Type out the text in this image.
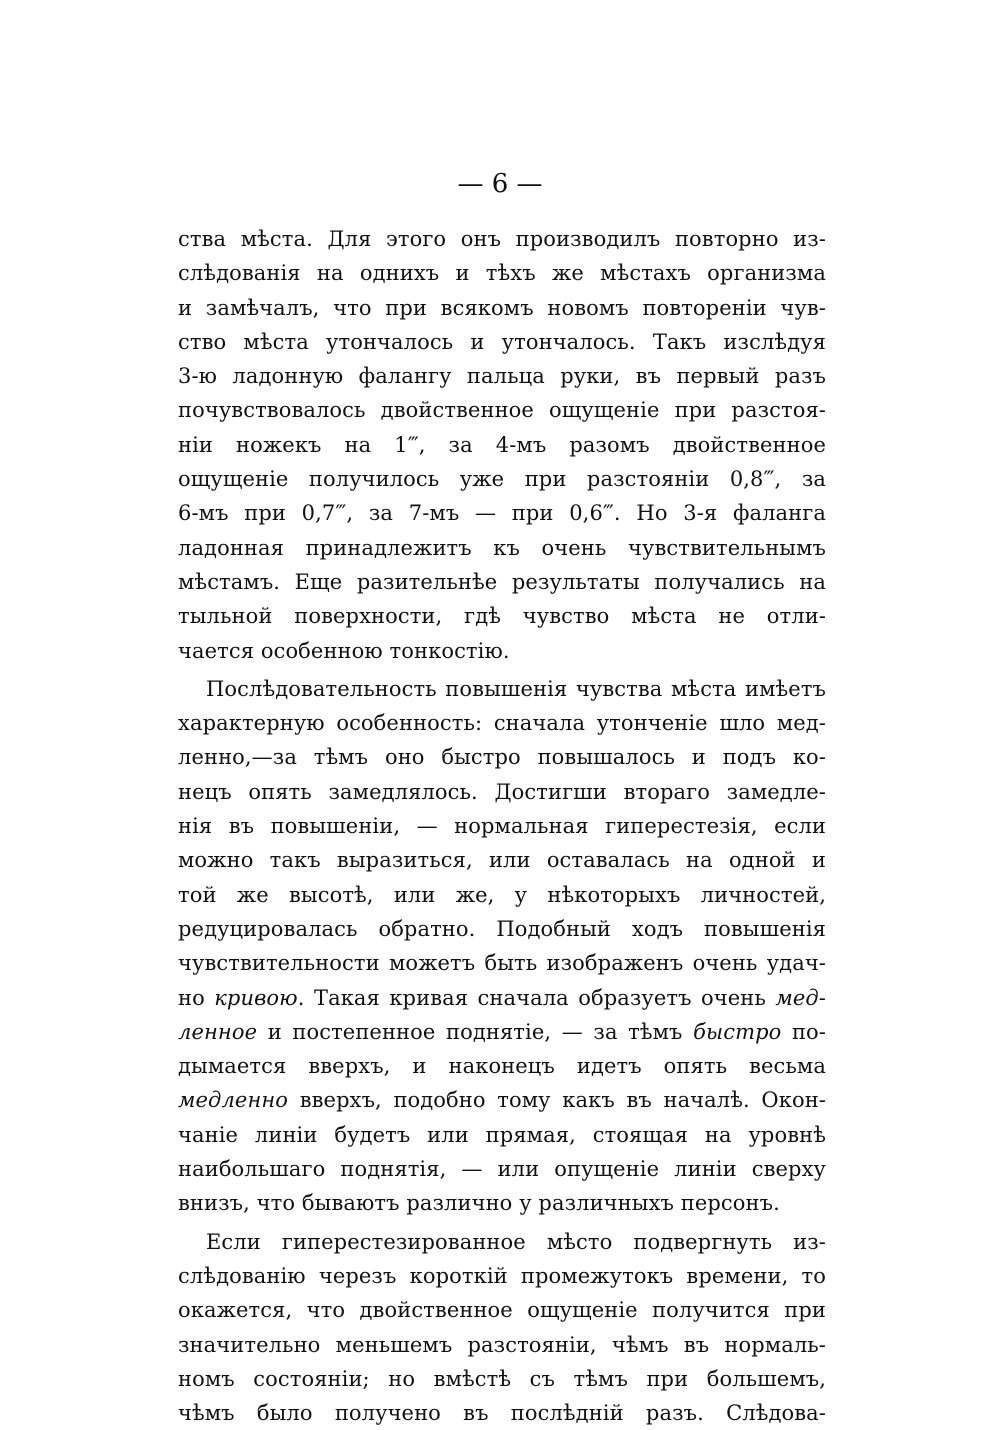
— 6 —
ства мѣста. Для этого онъ производилъ повторно из-
слѣдованія на однихъ и тѣхъ же мѣстахъ организма
и замѣчалъ, что при всякомъ новомъ повтореніи чув-
ство мѣста утончалось и утончалось. Такъ изслѣдуя
3-ю ладонную фалангу пальца руки, въ первый разъ
почувствовалось двойственное ощущеніе при разстоя-
ніи ножекъ на 1‴, за 4-мъ разомъ двойственное
ощущеніе получилось уже при разстояніи 0,8‴, за
6-мъ при 0,7‴, за 7-мъ — при 0,6‴. Но 3-я фаланга
ладонная принадлежитъ къ очень чувствительнымъ
мѣстамъ. Еще разительнѣе результаты получались на
тыльной поверхности, гдѣ чувство мѣста не отли-
чается особенною тонкостію.
Послѣдовательность повышенія чувства мѣста имѣетъ
характерную особенность: сначала утонченіе шло мед-
ленно,—за тѣмъ оно быстро повышалось и подъ ко-
нецъ опять замедлялось. Достигши втораго замедле-
нія въ повышеніи, — нормальная гиперестезія, если
можно такъ выразиться, или оставалась на одной и
той же высотѣ, или же, у нѣкоторыхъ личностей,
редуцировалась обратно. Подобный ходъ повышенія
чувствительности можетъ быть изображенъ очень удач-
но кривою. Такая кривая сначала образуетъ очень мед-
ленное и постепенное поднятіе, — за тѣмъ быстро по-
дымается вверхъ, и наконецъ идетъ опять весьма
медленно вверхъ, подобно тому какъ въ началѣ. Окон-
чаніе линіи будетъ или прямая, стоящая на уровнѣ
наибольшаго поднятія, — или опущеніе линіи сверху
внизъ, что бываютъ различно у различныхъ персонъ.
Если гиперестезированное мѣсто подвергнуть из-
слѣдованію черезъ короткій промежутокъ времени, то
окажется, что двойственное ощущеніе получится при
значительно меньшемъ разстояніи, чѣмъ въ нормаль-
номъ состояніи; но вмѣстѣ съ тѣмъ при большемъ,
чѣмъ было получено въ послѣдній разъ. Слѣдова-
